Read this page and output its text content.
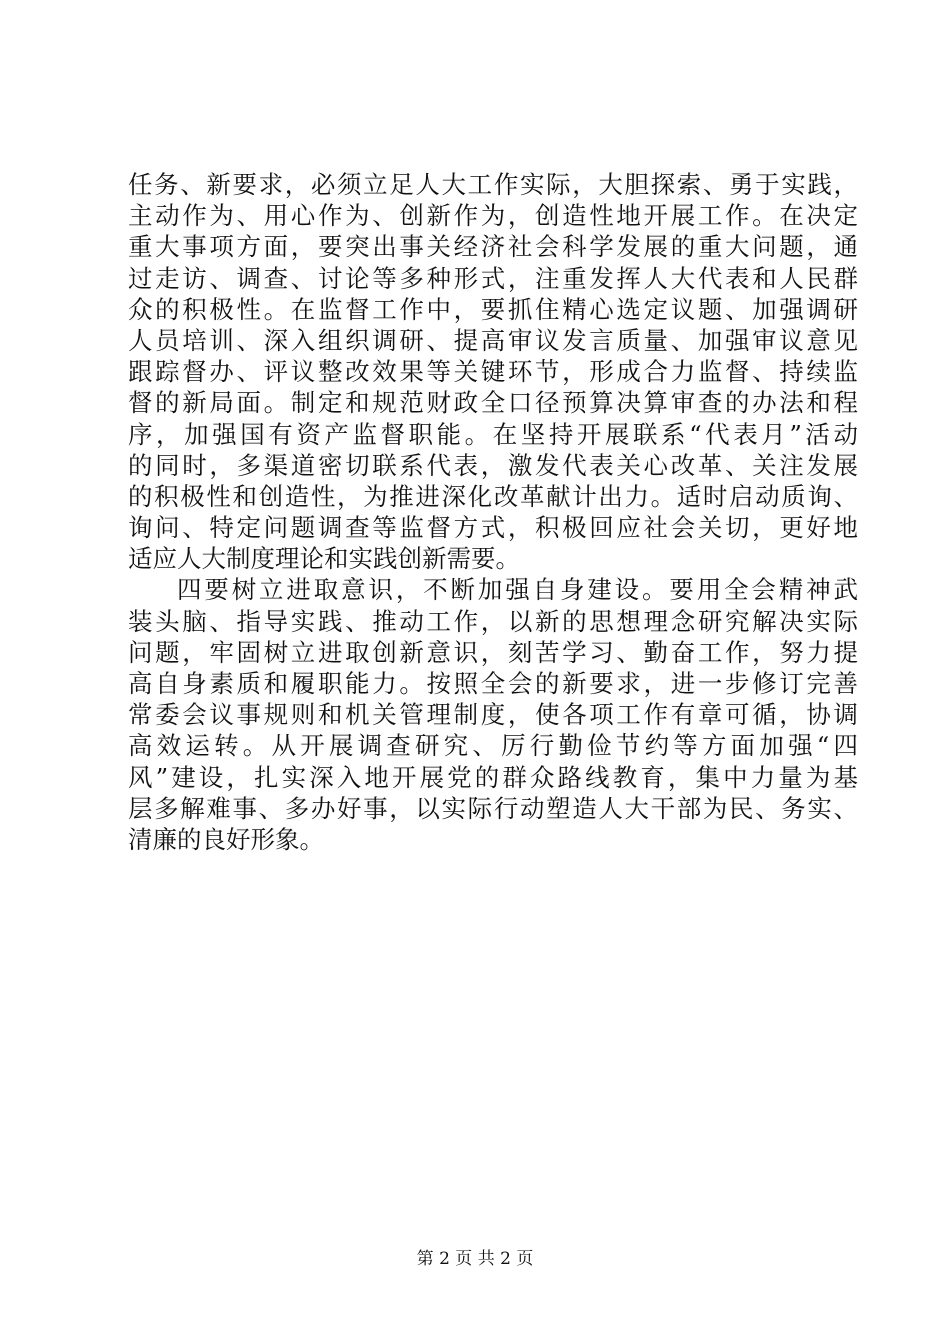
任务、新要求，必须立足人大工作实际，大胆探索、勇于实践，
主动作为、用心作为、创新作为，创造性地开展工作。在决定
重大事项方面，要突出事关经济社会科学发展的重大问题，通
过走访、调查、讨论等多种形式，注重发挥人大代表和人民群
众的积极性。在监督工作中，要抓住精心选定议题、加强调研
人员培训、深入组织调研、提高审议发言质量、加强审议意见
跟踪督办、评议整改效果等关键环节，形成合力监督、持续监
督的新局面。制定和规范财政全口径预算决算审查的办法和程
序，加强国有资产监督职能。在坚持开展联系“代表月”活动
的同时，多渠道密切联系代表，激发代表关心改革、关注发展
的积极性和创造性，为推进深化改革献计出力。适时启动质询、
询问、特定问题调查等监督方式，积极回应社会关切，更好地
适应人大制度理论和实践创新需要。
四要树立进取意识，不断加强自身建设。要用全会精神武
装头脑、指导实践、推动工作，以新的思想理念研究解决实际
问题，牢固树立进取创新意识，刻苦学习、勤奋工作，努力提
高自身素质和履职能力。按照全会的新要求，进一步修订完善
常委会议事规则和机关管理制度，使各项工作有章可循，协调
高效运转。从开展调查研究、厉行勤俭节约等方面加强“四
风”建设，扎实深入地开展党的群众路线教育，集中力量为基
层多解难事、多办好事，以实际行动塑造人大干部为民、务实、
清廉的良好形象。
第 2 页 共 2 页
